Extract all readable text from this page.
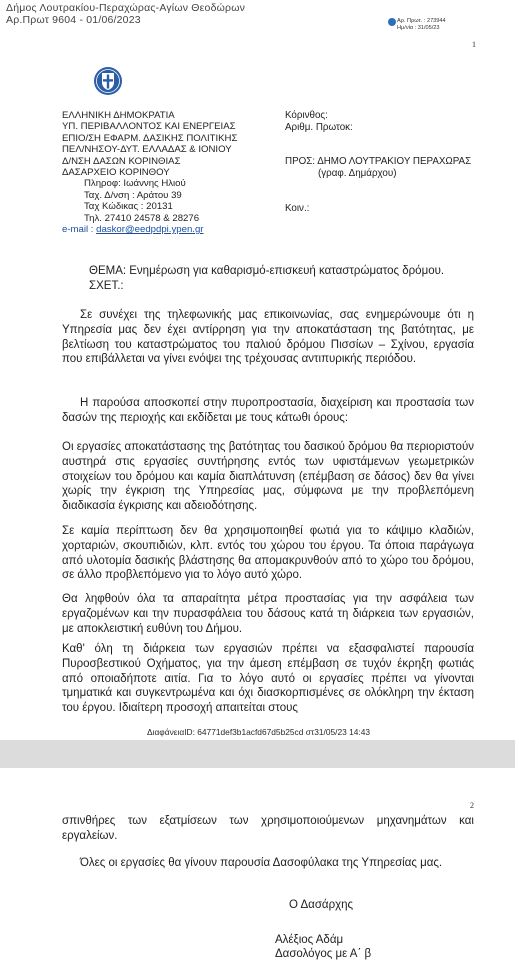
Δήμος Λουτρακίου-Περαχώρας-Αγίων Θεοδώρων
Αρ.Πρωτ 9604 - 01/06/2023	Αρ. Πρωτ. : 273944
Ημ/νία : 31/05/23
1
ΕΛΛΗΝΙΚΗ ΔΗΜΟΚΡΑΤΙΑ
ΥΠ. ΠΕΡΙΒΑΛΛΟΝΤΟΣ ΚΑΙ ΕΝΕΡΓΕΙΑΣ
ΕΠΙΟ/ΣΗ ΕΦΑΡΜ. ΔΑΣΙΚΗΣ ΠΟΛΙΤΙΚΗΣ
ΠΕΛ/ΝΗΣΟΥ-ΔΥΤ. ΕΛΛΑΔΑΣ & ΙΟΝΙΟΥ
Δ/ΝΣΗ ΔΑΣΩΝ ΚΟΡΙΝΘΙΑΣ
ΔΑΣΑΡΧΕΙΟ ΚΟΡΙΝΘΟΥ
Πληροφ: Ιωάννης Ηλιού
Ταχ. Δ/νση : Αράτου 39
Ταχ Κώδικας : 20131
Τηλ. 27410 24578 & 28276
e-mail : daskor@eedpdpi.ypen.gr
Κόρινθος:
Αριθμ. Πρωτοκ:
ΠΡΟΣ: ΔΗΜΟ ΛΟΥΤΡΑΚΙΟΥ ΠΕΡΑΧΩΡΑΣ
(γραφ. Δημάρχου)
Κοιν.:
ΘΕΜΑ: Ενημέρωση για καθαρισμό-επισκευή καταστρώματος δρόμου.
ΣΧΕΤ.:

Σε συνέχει της τηλεφωνικής μας επικοινωνίας, σας ενημερώνουμε ότι η Υπηρεσία μας δεν έχει αντίρρηση για την αποκατάσταση της βατότητας, με βελτίωση του καταστρώματος του παλιού δρόμου Πισσίων – Σχίνου, εργασία που επιβάλλεται να γίνει ενόψει της τρέχουσας αντιπυρικής περιόδου.

Η παρούσα αποσκοπεί στην πυροπροστασία, διαχείριση και προστασία των δασών της περιοχής και εκδίδεται με τους κάτωθι όρους:

Οι εργασίες αποκατάστασης της βατότητας του δασικού δρόμου θα περιοριστούν αυστηρά στις εργασίες συντήρησης εντός των υφιστάμενων γεωμετρικών στοιχείων του δρόμου και καμία διαπλάτυνση (επέμβαση σε δάσος) δεν θα γίνει χωρίς την έγκριση της Υπηρεσίας μας, σύμφωνα με την προβλεπόμενη διαδικασία έγκρισης και αδειοδότησης.

Σε καμία περίπτωση δεν θα χρησιμοποιηθεί φωτιά για το κάψιμο κλαδιών, χορταριών, σκουπιδιών, κλπ. εντός του χώρου του έργου. Τα όποια παράγωγα από υλοτομία δασικής βλάστησης θα απομακρυνθούν από το χώρο του δρόμου, σε άλλο προβλεπόμενο για το λόγο αυτό χώρο.

Θα ληφθούν όλα τα απαραίτητα μέτρα προστασίας για την ασφάλεια των εργαζομένων και την πυρασφάλεια του δάσους κατά τη διάρκεια των εργασιών, με αποκλειστική ευθύνη του Δήμου.

Καθ' όλη τη διάρκεια των εργασιών πρέπει να εξασφαλιστεί παρουσία Πυροσβεστικού Οχήματος, για την άμεση επέμβαση σε τυχόν έκρηξη φωτιάς από οποιαδήποτε αιτία. Για το λόγο αυτό οι εργασίες πρέπει να γίνονται τμηματικά και συγκεντρωμένα και όχι διασκορπισμένες σε ολόκληρη την έκταση του έργου. Ιδιαίτερη προσοχή απαιτείται στους

ΔιαφάνειαID: 64771def3b1acfd67d5b25cd στ31/05/23 14:43
2

σπινθήρες των εξατμίσεων των χρησιμοποιούμενων μηχανημάτων και εργαλείων.

Όλες οι εργασίες θα γίνουν παρουσία Δασοφύλακα της Υπηρεσίας μας.

Ο Δασάρχης
Αλέξιος Αδάμ
Δασολόγος με Α΄ β
